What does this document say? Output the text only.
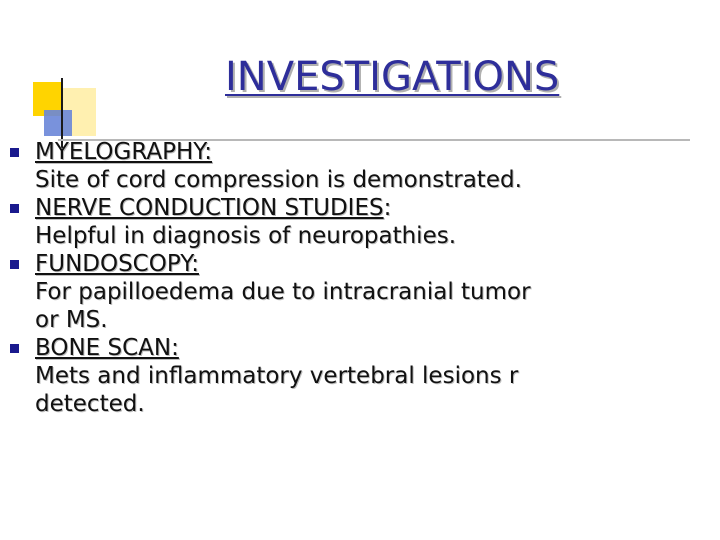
INVESTIGATIONS
MYELOGRAPHY:
Site of cord compression is demonstrated.
NERVE CONDUCTION STUDIES:
Helpful in diagnosis of neuropathies.
FUNDOSCOPY:
For papilloedema due to intracranial tumor
or MS.
BONE SCAN:
Mets and inflammatory vertebral lesions r
detected.
